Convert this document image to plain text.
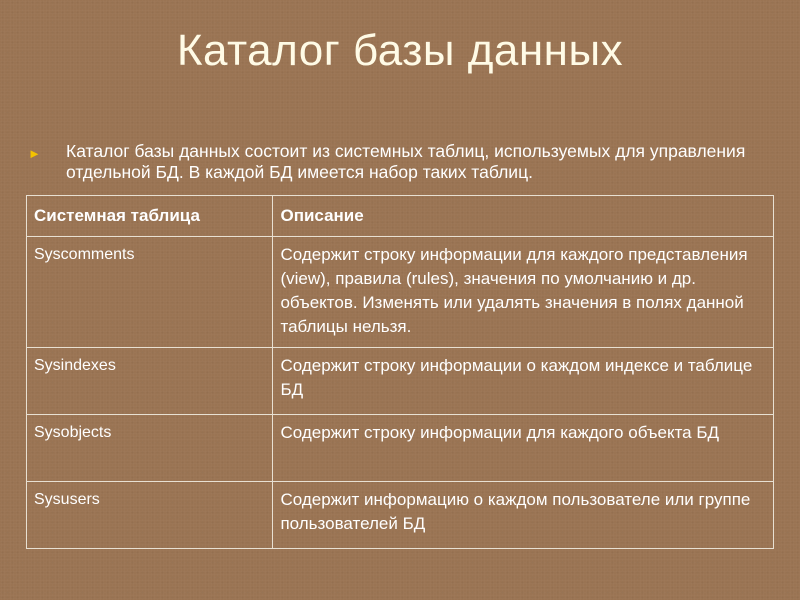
Каталог базы данных
►	Каталог базы данных состоит из системных таблиц, используемых для управления отдельной БД. В каждой БД имеется набор таких таблиц.
Системная таблица	Описание
Syscomments	Содержит строку информации для каждого представления (view), правила (rules), значения по умолчанию и др. объектов. Изменять или удалять значения в полях данной таблицы нельзя.
Sysindexes	Содержит строку информации о каждом индексе и таблице БД
Sysobjects	Содержит строку информации для каждого объекта БД
Sysusers	Содержит информацию о каждом пользователе или группе пользователей БД
